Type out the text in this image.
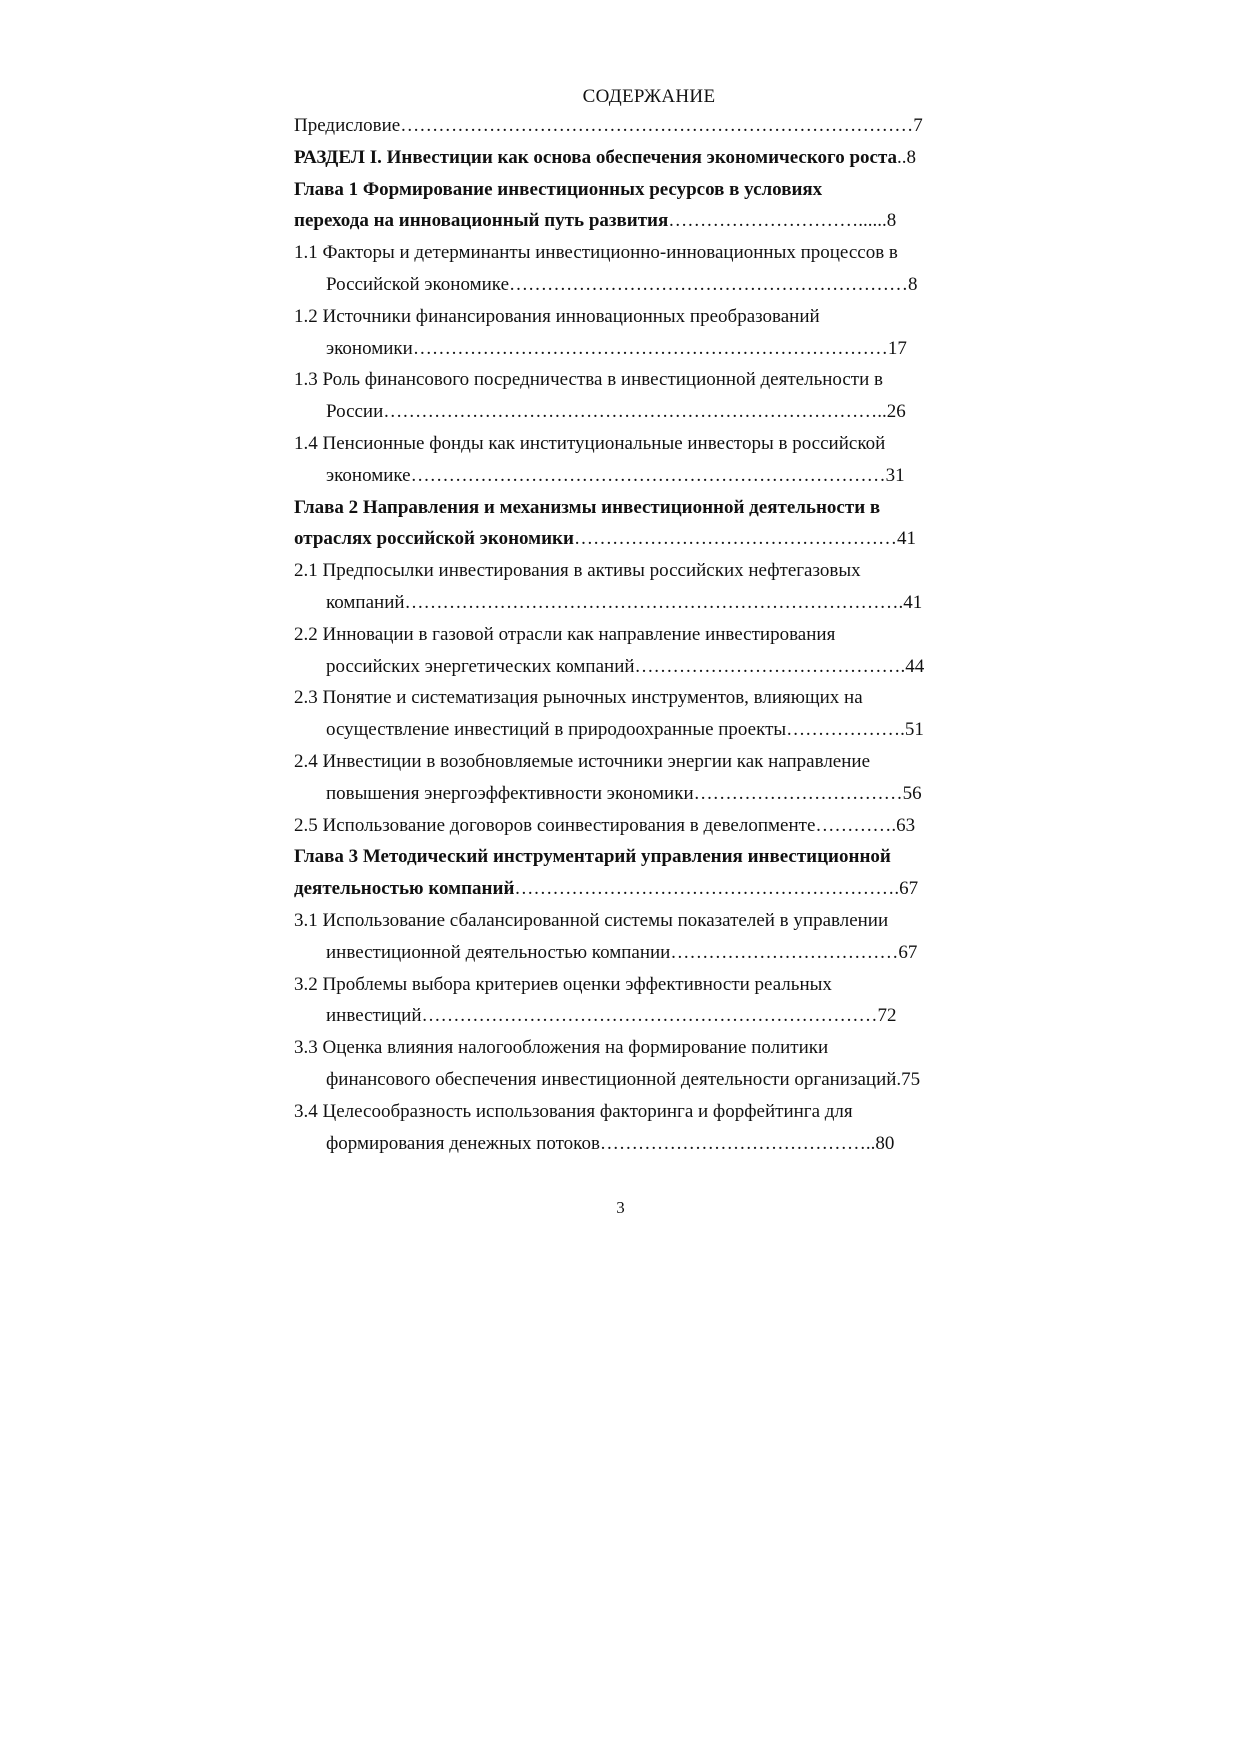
СОДЕРЖАНИЕ
Предисловие………………………………………………………………………7
РАЗДЕЛ I. Инвестиции как основа обеспечения экономического роста..8
Глава 1 Формирование инвестиционных ресурсов в условиях
перехода на инновационный путь развития…………………………......8
1.1 Факторы и детерминанты инвестиционно-инновационных процессов в
Российской экономике………………………………………………………8
1.2 Источники финансирования инновационных преобразований
экономики…………………………………………………………………17
1.3 Роль финансового посредничества в инвестиционной деятельности в
России……………………………………………………………………..26
1.4 Пенсионные фонды как институциональные инвесторы в российской
экономике…………………………………………………………………31
Глава 2 Направления и механизмы инвестиционной деятельности в
отраслях российской экономики……………………………………………41
2.1 Предпосылки инвестирования в активы российских нефтегазовых
компаний…………………………………………………………………….41
2.2 Инновации в газовой отрасли как направление инвестирования
российских энергетических компаний…………………………………….44
2.3 Понятие и систематизация рыночных инструментов, влияющих на
осуществление инвестиций в природоохранные проекты……………….51
2.4 Инвестиции в возобновляемые источники энергии как направление
повышения энергоэффективности экономики……………………………56
2.5 Использование договоров соинвестирования в девелопменте………….63
Глава 3 Методический инструментарий управления инвестиционной
деятельностью компаний…………………………………………………….67
3.1 Использование сбалансированной системы показателей в управлении
инвестиционной деятельностью компании………………………………67
3.2 Проблемы выбора критериев оценки эффективности реальных
инвестиций………………………………………………………………72
3.3 Оценка влияния налогообложения на формирование политики
финансового обеспечения инвестиционной деятельности организаций.75
3.4 Целесообразность использования факторинга и форфейтинга для
формирования денежных потоков……………………………………..80
3
